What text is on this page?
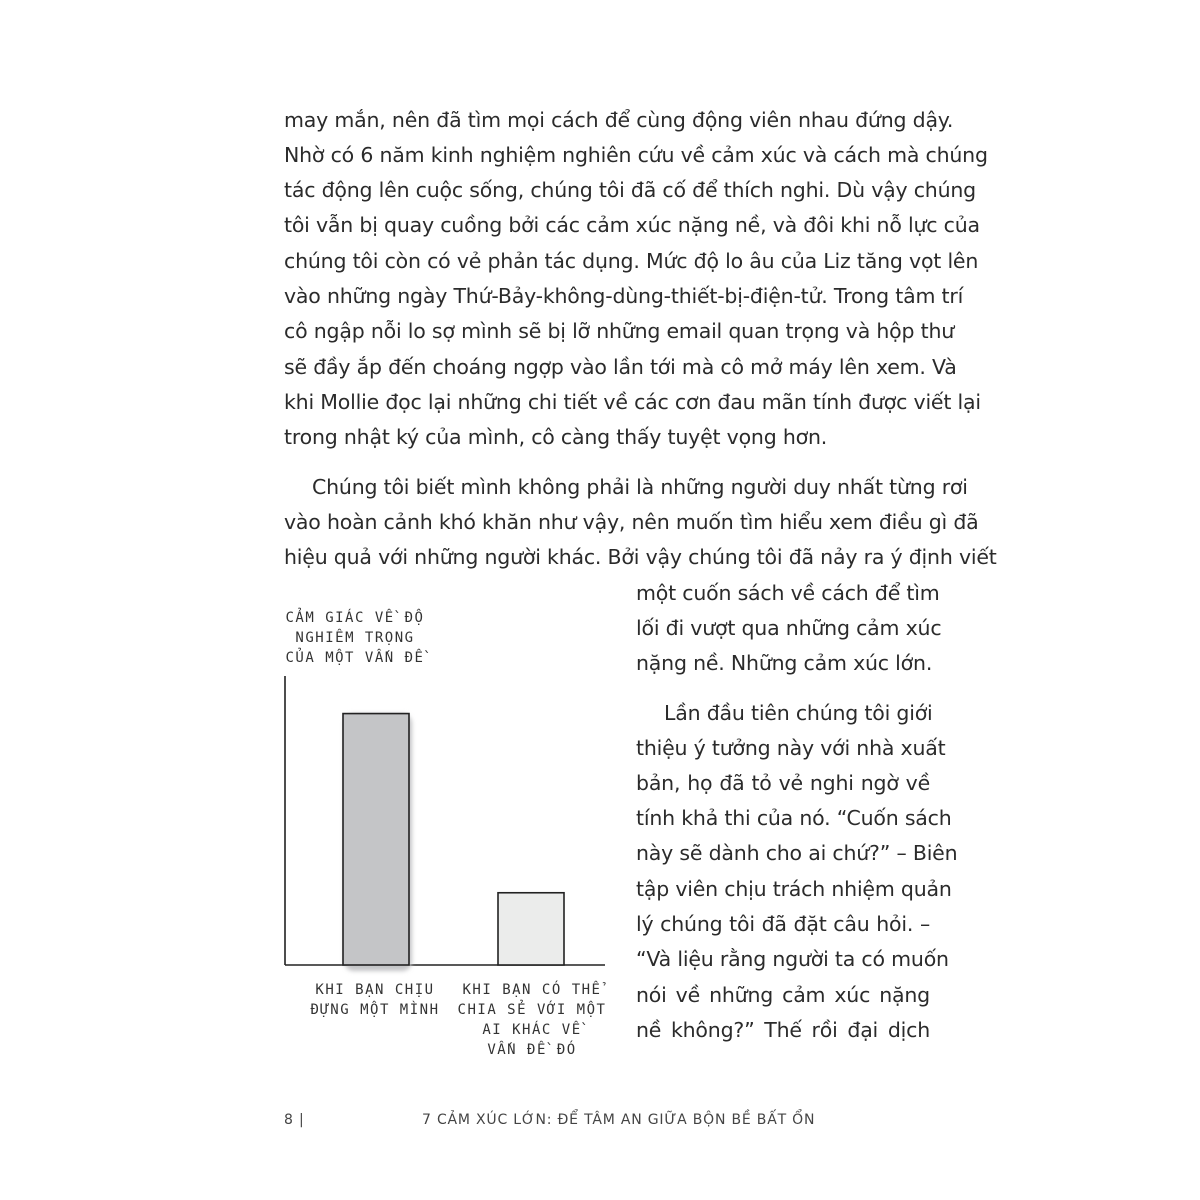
may mắn, nên đã tìm mọi cách để cùng động viên nhau đứng dậy.
Nhờ có 6 năm kinh nghiệm nghiên cứu về cảm xúc và cách mà chúng
tác động lên cuộc sống, chúng tôi đã cố để thích nghi. Dù vậy chúng
tôi vẫn bị quay cuồng bởi các cảm xúc nặng nề, và đôi khi nỗ lực của
chúng tôi còn có vẻ phản tác dụng. Mức độ lo âu của Liz tăng vọt lên
vào những ngày Thứ-Bảy-không-dùng-thiết-bị-điện-tử. Trong tâm trí
cô ngập nỗi lo sợ mình sẽ bị lỡ những email quan trọng và hộp thư
sẽ đầy ắp đến choáng ngợp vào lần tới mà cô mở máy lên xem. Và
khi Mollie đọc lại những chi tiết về các cơn đau mãn tính được viết lại
trong nhật ký của mình, cô càng thấy tuyệt vọng hơn.
Chúng tôi biết mình không phải là những người duy nhất từng rơi
vào hoàn cảnh khó khăn như vậy, nên muốn tìm hiểu xem điều gì đã
hiệu quả với những người khác. Bởi vậy chúng tôi đã nảy ra ý định viết
một cuốn sách về cách để tìm
lối đi vượt qua những cảm xúc
nặng nề. Những cảm xúc lớn.
Lần đầu tiên chúng tôi giới
thiệu ý tưởng này với nhà xuất
bản, họ đã tỏ vẻ nghi ngờ về
tính khả thi của nó. “Cuốn sách
này sẽ dành cho ai chứ?” – Biên
tập viên chịu trách nhiệm quản
lý chúng tôi đã đặt câu hỏi. –
“Và liệu rằng người ta có muốn
nói về những cảm xúc nặng
nề không?” Thế rồi đại dịch
CẢM GIÁC VỀ ĐỘ
NGHIÊM TRỌNG
CỦA MỘT VẤN ĐỀ
KHI BẠN CHỊU
ĐỰNG MỘT MÌNH
KHI BẠN CÓ THỂ
CHIA SẺ VỚI MỘT
AI KHÁC VỀ
VẤN ĐỀ ĐÓ
8 |	7 CẢM XÚC LỚN: ĐỂ TÂM AN GIỮA BỘN BỀ BẤT ỔN
